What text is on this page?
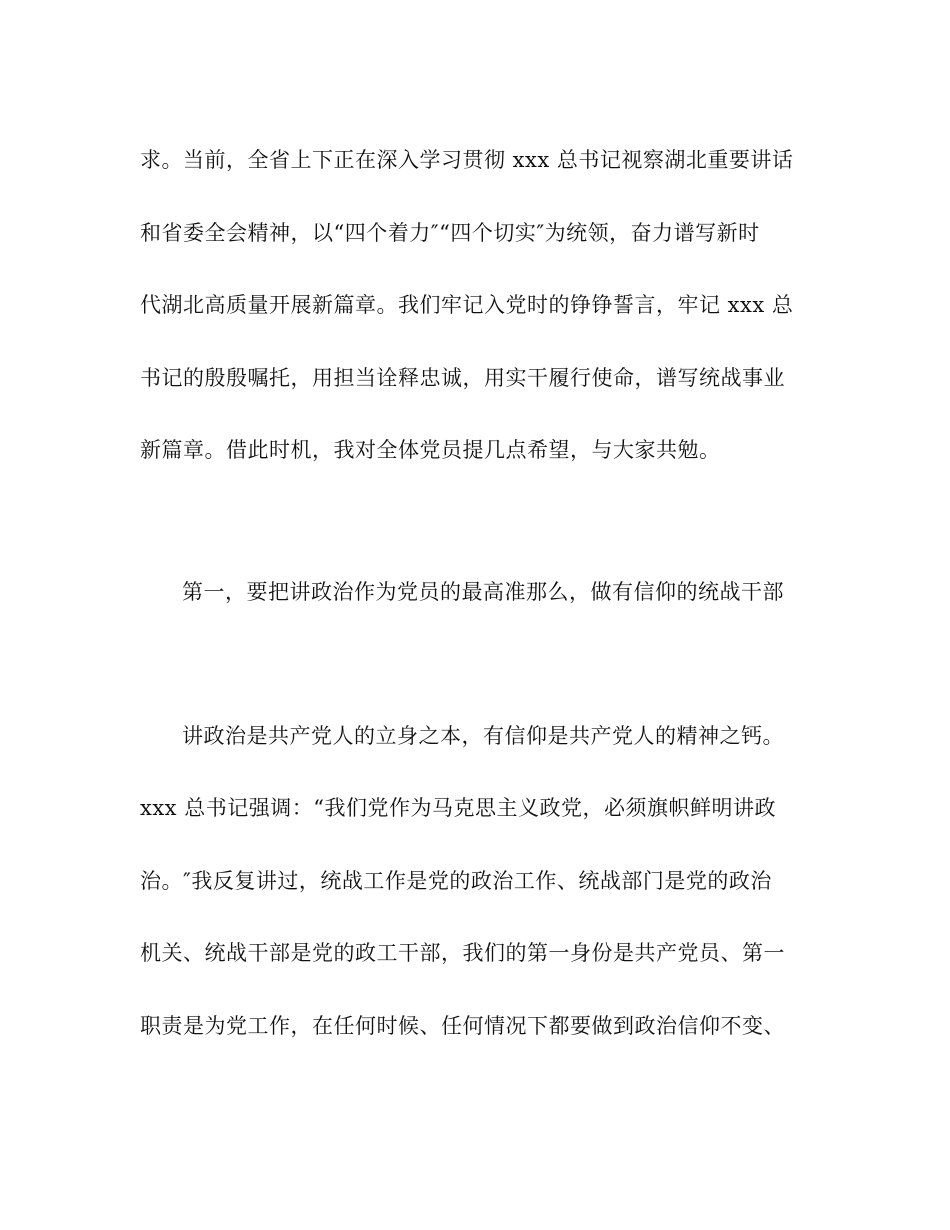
求。当前，全省上下正在深入学习贯彻 xxx 总书记视察湖北重要讲话
和省委全会精神，以“四个着力″“四个切实″为统领，奋力谱写新时
代湖北高质量开展新篇章。我们牢记入党时的铮铮誓言，牢记 xxx 总
书记的殷殷嘱托，用担当诠释忠诚，用实干履行使命，谱写统战事业
新篇章。借此时机，我对全体党员提几点希望，与大家共勉。
第一，要把讲政治作为党员的最高准那么，做有信仰的统战干部
讲政治是共产党人的立身之本，有信仰是共产党人的精神之钙。
xxx 总书记强调：“我们党作为马克思主义政党，必须旗帜鲜明讲政
治。″我反复讲过，统战工作是党的政治工作、统战部门是党的政治
机关、统战干部是党的政工干部，我们的第一身份是共产党员、第一
职责是为党工作，在任何时候、任何情况下都要做到政治信仰不变、
